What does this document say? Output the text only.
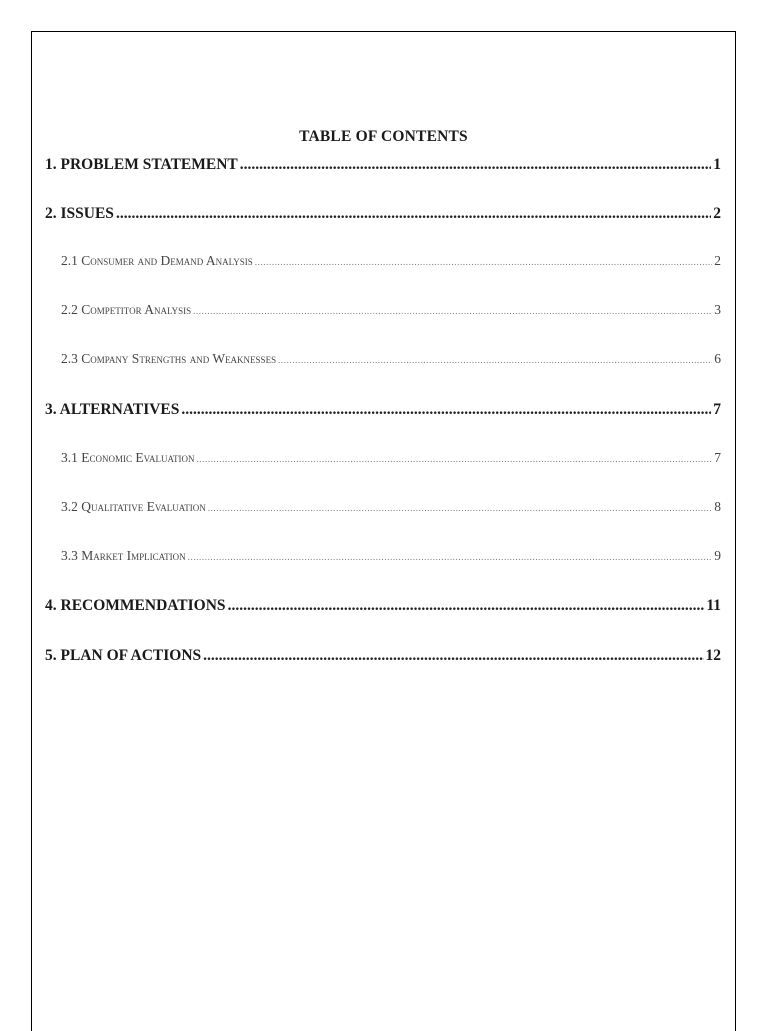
TABLE OF CONTENTS
1. PROBLEM STATEMENT .....	1
2. ISSUES .....	2
2.1 Consumer and Demand Analysis .....	2
2.2 Competitor Analysis .....	3
2.3 Company Strengths and Weaknesses .....	6
3. ALTERNATIVES .....	7
3.1 Economic Evaluation .....	7
3.2 Qualitative Evaluation .....	8
3.3 Market Implication .....	9
4. RECOMMENDATIONS .....	11
5. PLAN OF ACTIONS .....	12
